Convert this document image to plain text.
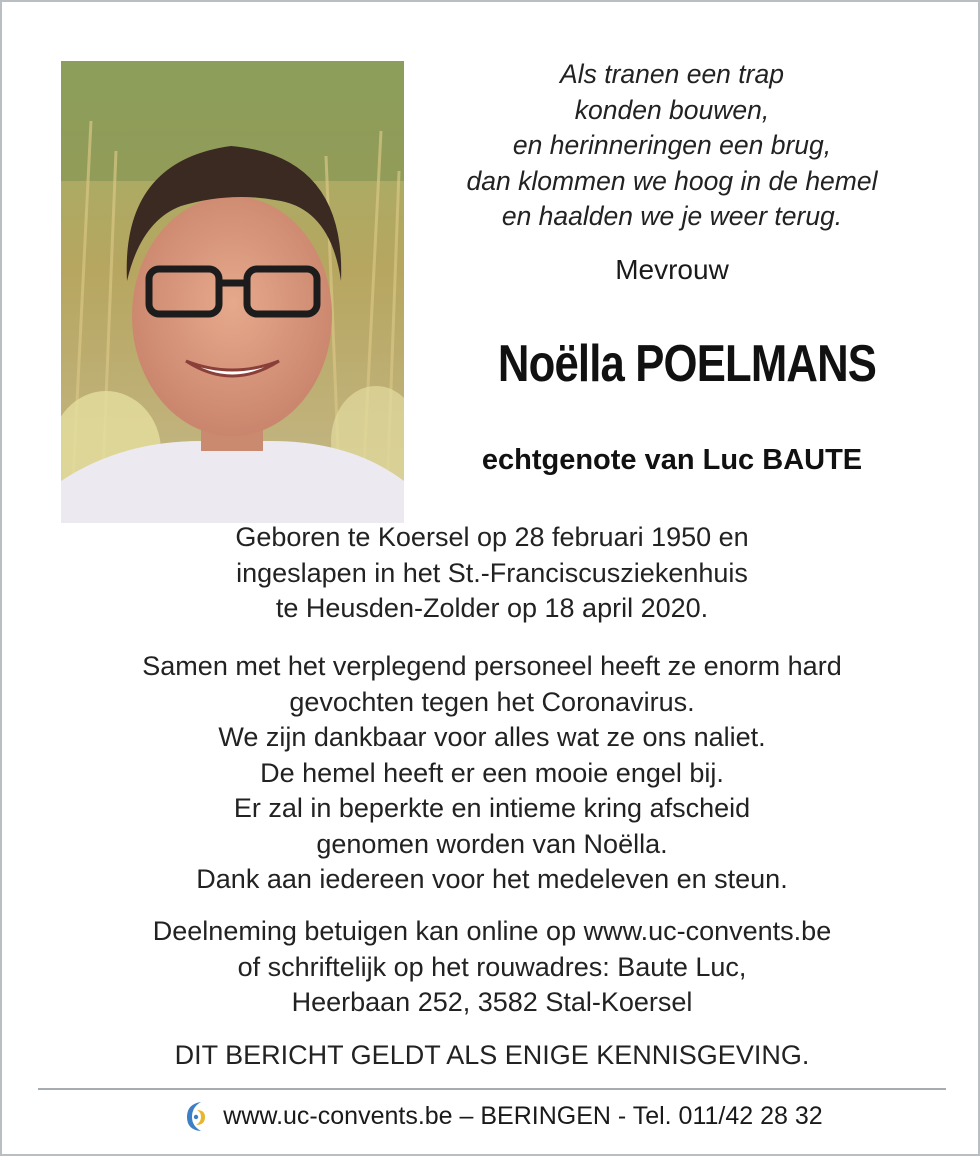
Als tranen een trap
konden bouwen,
en herinneringen een brug,
dan klommen we hoog in de hemel
en haalden we je weer terug.
Mevrouw
Noëlla POELMANS
echtgenote van Luc BAUTE
Geboren te Koersel op 28 februari 1950 en
ingeslapen in het St.-Franciscusziekenhuis
te Heusden-Zolder op 18 april 2020.
Samen met het verplegend personeel heeft ze enorm hard
gevochten tegen het Coronavirus.
We zijn dankbaar voor alles wat ze ons naliet.
De hemel heeft er een mooie engel bij.
Er zal in beperkte en intieme kring afscheid
genomen worden van Noëlla.
Dank aan iedereen voor het medeleven en steun.
Deelneming betuigen kan online op www.uc-convents.be
of schriftelijk op het rouwadres: Baute Luc,
Heerbaan 252, 3582 Stal-Koersel
DIT BERICHT GELDT ALS ENIGE KENNISGEVING.
www.uc-convents.be – BERINGEN - Tel. 011/42 28 32
